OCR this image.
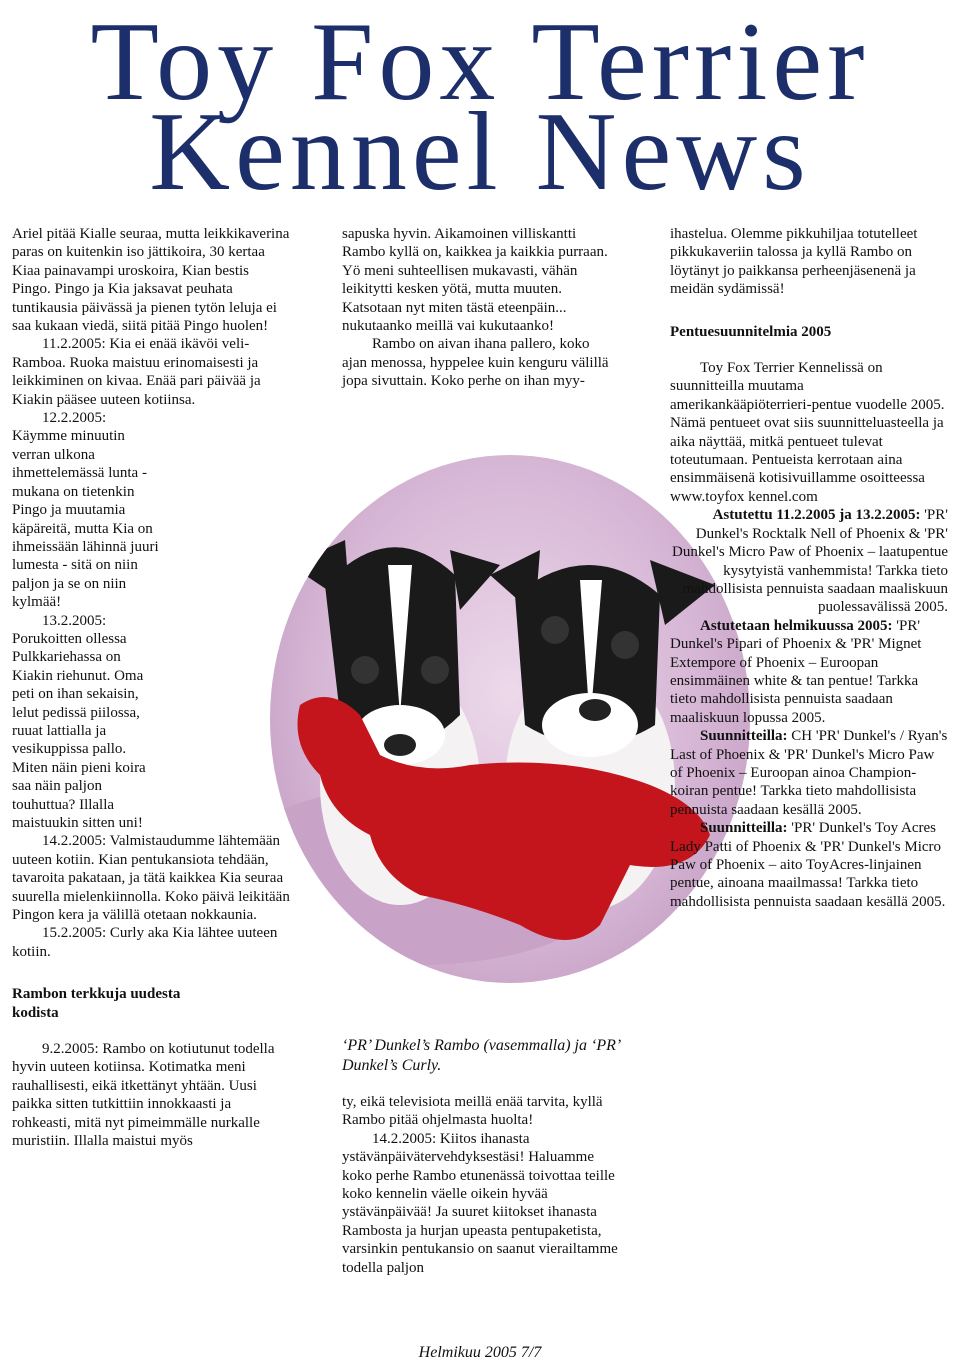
Toy Fox Terrier
Kennel News

Ariel pitää Kialle seuraa, mutta leikkikaverina paras on kuitenkin iso jättikoira, 30 kertaa Kiaa painavampi uroskoira, Kian bestis Pingo. Pingo ja Kia jaksavat peuhata tuntikausia päivässä ja pienen tytön leluja ei saa kukaan viedä, siitä pitää Pingo huolen!

11.2.2005: Kia ei enää ikävöi veli-Ramboa. Ruoka maistuu erinomaisesti ja leikkiminen on kivaa. Enää pari päivää ja Kiakin pääsee uuteen kotiinsa.

12.2.2005: Käymme minuutin verran ulkona ihmettelemässä lunta - mukana on tietenkin Pingo ja muutamia käpäreitä, mutta Kia on ihmeissään lähinnä juuri lumesta - sitä on niin paljon ja se on niin kylmää!

13.2.2005: Porukoitten ollessa Pulkkariehassa on Kiakin riehunut. Oma peti on ihan sekaisin, lelut pedissä piilossa, ruuat lattialla ja vesikuppissa pallo. Miten näin pieni koira saa näin paljon touhuttua? Illalla maistuukin sitten uni!

14.2.2005: Valmistaudumme lähtemään uuteen kotiin. Kian pentukansiota tehdään, tavaroita pakataan, ja tätä kaikkea Kia seuraa suurella mielenkiinnolla. Koko päivä leikitään Pingon kera ja välillä otetaan nokkaunia.

15.2.2005: Curly aka Kia lähtee uuteen kotiin.

Rambon terkkuja uudesta kodista

9.2.2005: Rambo on kotiutunut todella hyvin uuteen kotiinsa. Kotimatka meni rauhallisesti, eikä itkettänyt yhtään. Uusi paikka sitten tutkittiin innokkaasti ja rohkeasti, mitä nyt pimeimmälle nurkalle muristiin. Illalla maistui myös

sapuska hyvin. Aikamoinen villiskantti Rambo kyllä on, kaikkea ja kaikkia purraan. Yö meni suhteellisen mukavasti, vähän leikitytti kesken yötä, mutta muuten. Katsotaan nyt miten tästä eteenpäin... nukutaanko meillä vai kukutaanko!

Rambo on aivan ihana pallero, koko ajan menossa, hyppelee kuin kenguru välillä jopa sivuttain. Koko perhe on ihan myy-

‘PR’ Dunkel’s Rambo (vasemmalla) ja ‘PR’ Dunkel’s Curly.

ty, eikä televisiota meillä enää tarvita, kyllä Rambo pitää ohjelmasta huolta!

14.2.2005: Kiitos ihanasta ystävänpäivätervehdyksestäsi! Haluamme koko perhe Rambo etunenässä toivottaa teille koko kennelin väelle oikein hyvää ystävänpäivää! Ja suuret kiitokset ihanasta Rambosta ja hurjan upeasta pentupaketista, varsinkin pentukansio on saanut vierailtamme todella paljon

ihastelua. Olemme pikkuhiljaa totutelleet pikkukaveriin talossa ja kyllä Rambo on löytänyt jo paikkansa perheenjäsenenä ja meidän sydämissä!

Pentuesuunnitelmia 2005

Toy Fox Terrier Kennelissä on suunnitteilla muutama amerikankääpiöterrieri-pentue vuodelle 2005. Nämä pentueet ovat siis suunnitteluasteella ja aika näyttää, mitkä pentueet tulevat toteutumaan. Pentueista kerrotaan aina ensimmäisenä kotisivuillamme osoitteessa www.toyfox kennel.com

Astutettu 11.2.2005 ja 13.2.2005: 'PR' Dunkel's Rocktalk Nell of Phoenix & 'PR' Dunkel's Micro Paw of Phoenix – laatupentue kysytyistä vanhemmista! Tarkka tieto mahdollisista pennuista saadaan maaliskuun puolessavälissä 2005.

Astutetaan helmikuussa 2005: 'PR' Dunkel's Pipari of Phoenix & 'PR' Mignet Extempore of Phoenix – Euroopan ensimmäinen white & tan pentue! Tarkka tieto mahdollisista pennuista saadaan maaliskuun lopussa 2005.

Suunnitteilla: CH 'PR' Dunkel's / Ryan's Last of Phoenix & 'PR' Dunkel's Micro Paw of Phoenix – Euroopan ainoa Champion-koiran pentue! Tarkka tieto mahdollisista pennuista saadaan kesällä 2005.

Suunnitteilla: 'PR' Dunkel's Toy Acres Lady Patti of Phoenix & 'PR' Dunkel's Micro Paw of Phoenix – aito ToyAcres-linjainen pentue, ainoana maailmassa! Tarkka tieto mahdollisista pennuista saadaan kesällä 2005.

Helmikuu 2005 7/7
